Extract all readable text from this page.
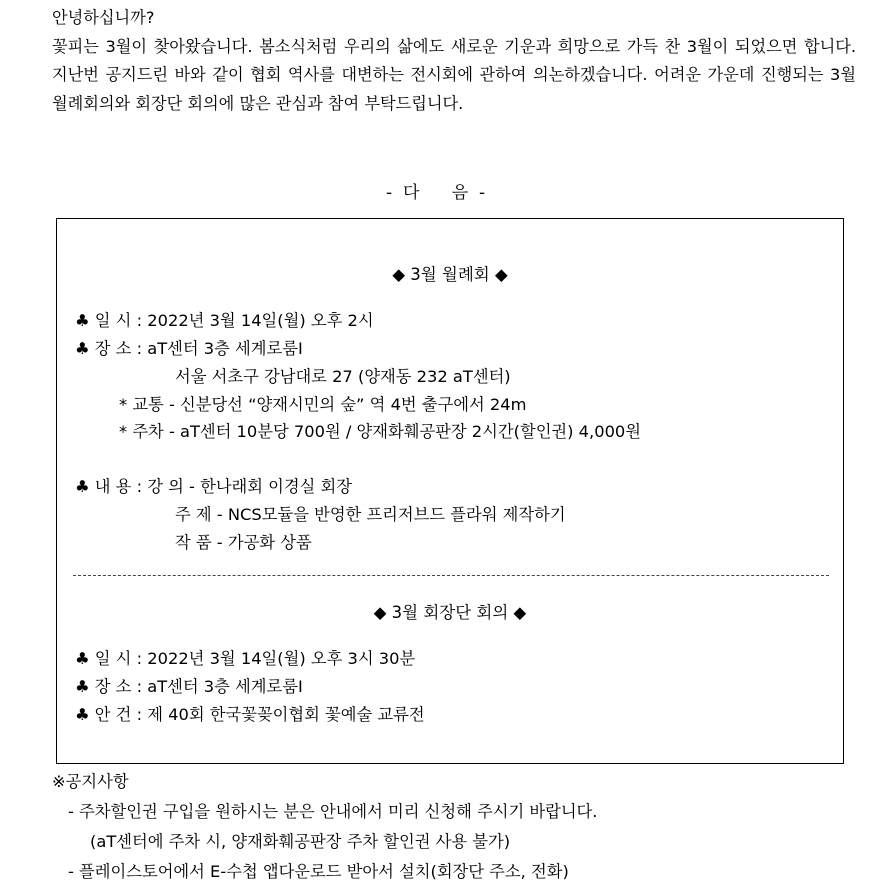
안녕하십니까?

꽃피는 3월이 찾아왔습니다. 봄소식처럼 우리의 삶에도 새로운 기운과 희망으로 가득 찬 3월이 되었으면 합니다. 지난번 공지드린 바와 같이 협회 역사를 대변하는 전시회에 관하여 의논하겠습니다. 어려운 가운데 진행되는 3월 월례회의와 회장단 회의에 많은 관심과 참여 부탁드립니다.

-  다      음  -
◆ 3월 월례회 ◆
♣ 일 시 : 2022년 3월 14일(월) 오후 2시
♣ 장 소 : aT센터 3층 세계로룸Ⅰ
서울 서초구 강남대로 27 (양재동 232 aT센터)
* 교통 - 신분당선 “양재시민의 숲” 역 4번 출구에서 24m
* 주차 - aT센터 10분당 700원 / 양재화훼공판장 2시간(할인권) 4,000원
♣ 내 용 : 강 의 - 한나래회 이경실 회장
주 제 - NCS모듈을 반영한 프리저브드 플라워 제작하기
작 품 - 가공화 상품
◆ 3월 회장단 회의 ◆
♣ 일 시 : 2022년 3월 14일(월) 오후 3시 30분
♣ 장 소 : aT센터 3층 세계로룸Ⅰ
♣ 안 건 : 제 40회 한국꽃꽂이협회 꽃예술 교류전
※공지사항
- 주차할인권 구입을 원하시는 분은 안내에서 미리 신청해 주시기 바랍니다.
(aT센터에 주차 시, 양재화훼공판장 주차 할인권 사용 불가)
- 플레이스토어에서 E-수첩 앱다운로드 받아서 설치(회장단 주소, 전화)
